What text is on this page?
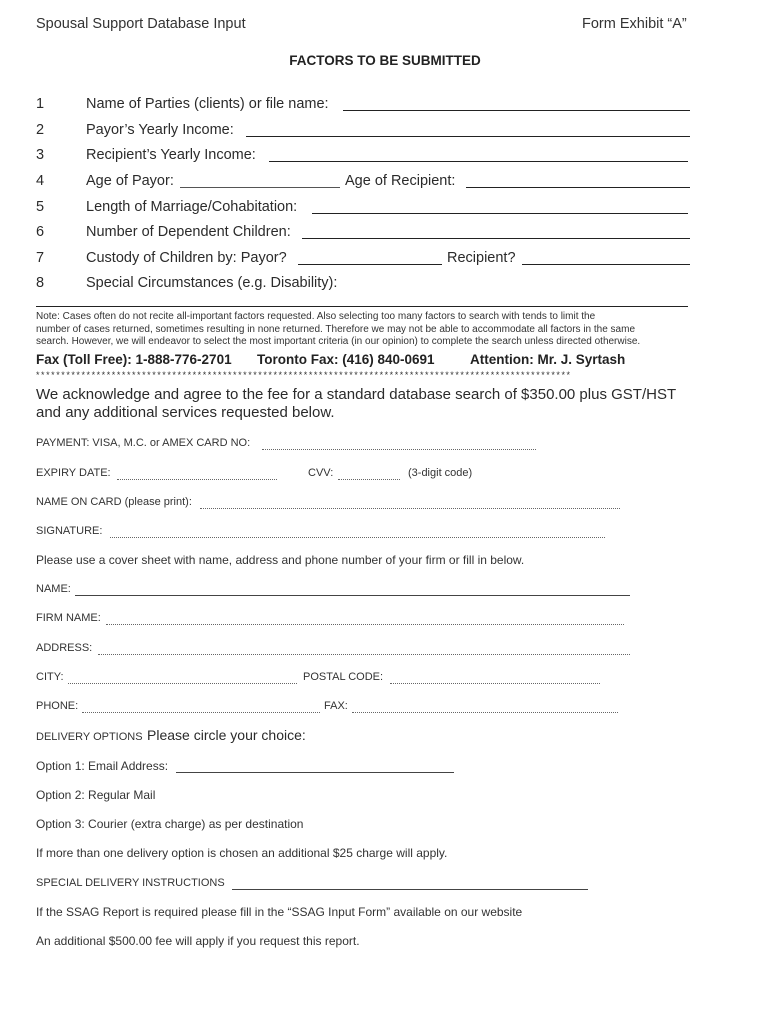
Spousal Support Database Input	Form Exhibit “A”
FACTORS TO BE SUBMITTED
1	Name of Parties (clients) or file name:
2	Payor’s Yearly Income:
3	Recipient’s Yearly Income:
4	Age of Payor:	Age of Recipient:
5	Length of Marriage/Cohabitation:
6	Number of Dependent Children:
7	Custody of Children by: Payor?	Recipient?
8	Special Circumstances (e.g. Disability):
Note: Cases often do not recite all-important factors requested. Also selecting too many factors to search with tends to limit the
number of cases returned, sometimes resulting in none returned. Therefore we may not be able to accommodate all factors in the same
search. However, we will endeavor to select the most important criteria (in our opinion) to complete the search unless directed otherwise.
Fax (Toll Free): 1-888-776-2701 Toronto Fax: (416) 840-0691	Attention: Mr. J. Syrtash
**********************************************************************************************************
We acknowledge and agree to the fee for a standard database search of $350.00 plus GST/HST
and any additional services requested below.
PAYMENT: VISA, M.C. or AMEX CARD NO:
EXPIRY DATE:	CVV:	(3-digit code)
NAME ON CARD (please print):
SIGNATURE:
Please use a cover sheet with name, address and phone number of your firm or fill in below.
NAME:
FIRM NAME:
ADDRESS:
CITY:	POSTAL CODE:
PHONE:	FAX:
DELIVERY OPTIONS Please circle your choice:
Option 1: Email Address:
Option 2: Regular Mail
Option 3: Courier (extra charge) as per destination
If more than one delivery option is chosen an additional $25 charge will apply.
SPECIAL DELIVERY INSTRUCTIONS
If the SSAG Report is required please fill in the “SSAG Input Form” available on our website
An additional $500.00 fee will apply if you request this report.
